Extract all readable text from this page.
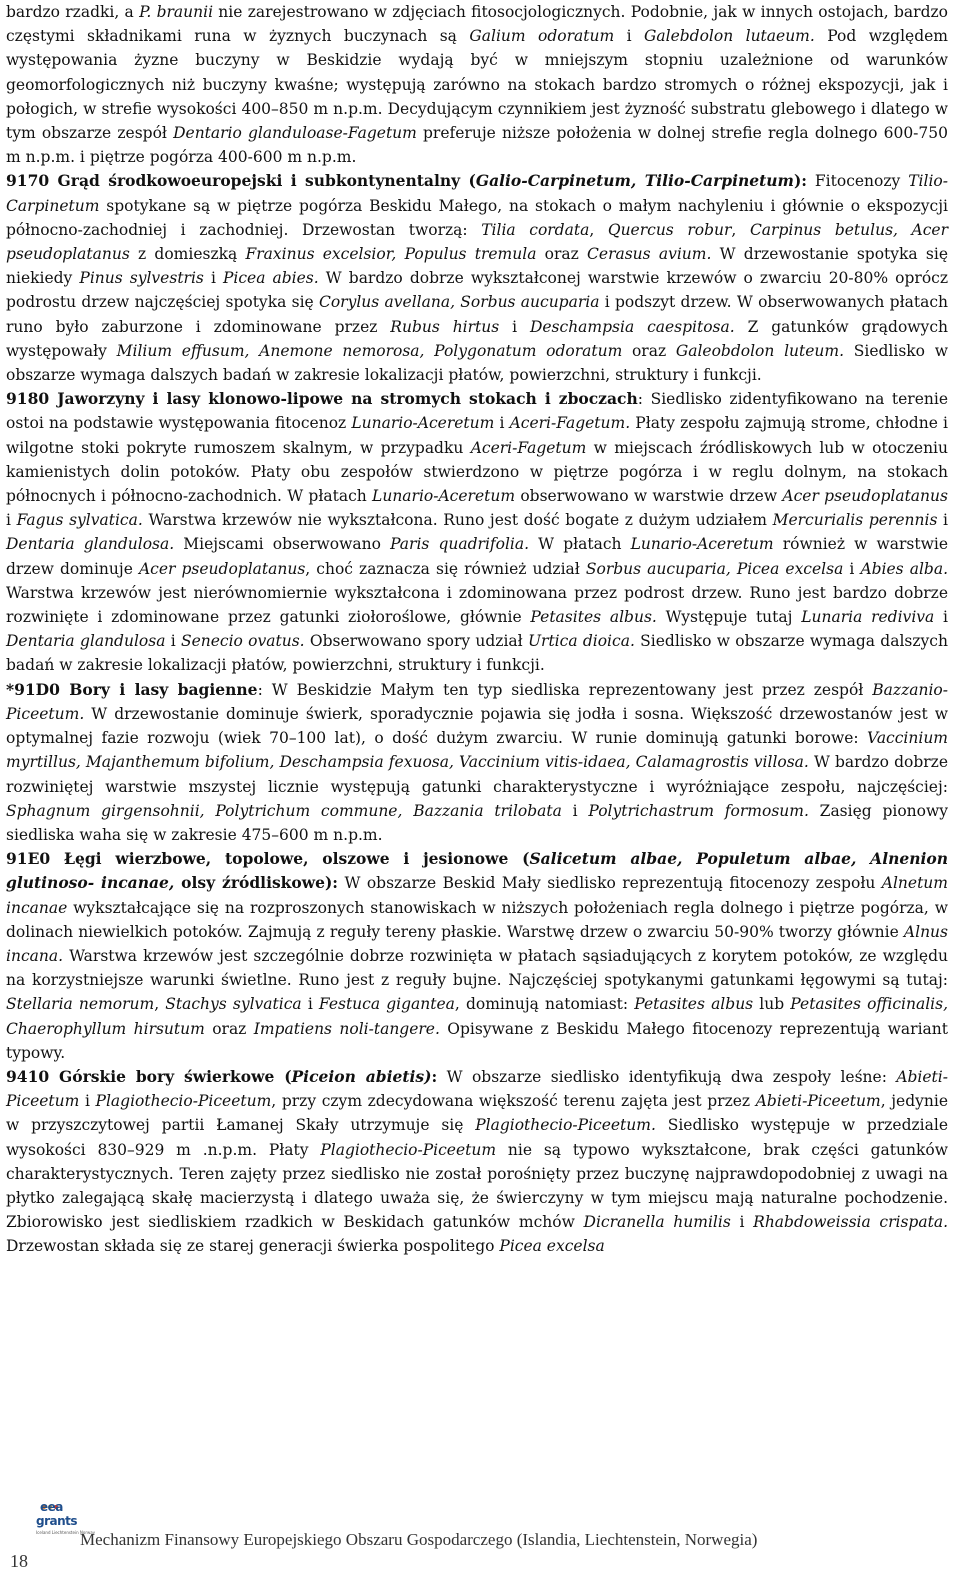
bardzo rzadki, a P. braunii nie zarejestrowano w zdjęciach fitosocjologicznych. Podobnie, jak w innych ostojach, bardzo częstymi składnikami runa w żyznych buczynach są Galium odoratum i Galebdolon lutaeum. Pod względem występowania żyzne buczyny w Beskidzie wydają być w mniejszym stopniu uzależnione od warunków geomorfologicznych niż buczyny kwaśne; występują zarówno na stokach bardzo stromych o różnej ekspozycji, jak i połogich, w strefie wysokości 400–850 m n.p.m. Decydującym czynnikiem jest żyzność substratu glebowego i dlatego w tym obszarze zespół Dentario glanduloase-Fagetum preferuje niższe położenia w dolnej strefie regla dolnego 600-750 m n.p.m. i piętrze pogórza 400-600 m n.p.m.

9170 Grąd środkowoeuropejski i subkontynentalny (Galio-Carpinetum, Tilio-Carpinetum): Fitocenozy Tilio-Carpinetum spotykane są w piętrze pogórza Beskidu Małego, na stokach o małym nachyleniu i głównie o ekspozycji północno-zachodniej i zachodniej. Drzewostan tworzą: Tilia cordata, Quercus robur, Carpinus betulus, Acer pseudoplatanus z domieszką Fraxinus excelsior, Populus tremula oraz Cerasus avium. W drzewostanie spotyka się niekiedy Pinus sylvestris i Picea abies. W bardzo dobrze wykształconej warstwie krzewów o zwarciu 20-80% oprócz podrostu drzew najczęściej spotyka się Corylus avellana, Sorbus aucuparia i podszyt drzew. W obserwowanych płatach runo było zaburzone i zdominowane przez Rubus hirtus i Deschampsia caespitosa. Z gatunków grądowych występowały Milium effusum, Anemone nemorosa, Polygonatum odoratum oraz Galeobdolon luteum. Siedlisko w obszarze wymaga dalszych badań w zakresie lokalizacji płatów, powierzchni, struktury i funkcji.

9180 Jaworzyny i lasy klonowo-lipowe na stromych stokach i zboczach: Siedlisko zidentyfikowano na terenie ostoi na podstawie występowania fitocenoz Lunario-Aceretum i Aceri-Fagetum. Płaty zespołu zajmują strome, chłodne i wilgotne stoki pokryte rumoszem skalnym, w przypadku Aceri-Fagetum w miejscach źródliskowych lub w otoczeniu kamienistych dolin potoków. Płaty obu zespołów stwierdzono w piętrze pogórza i w reglu dolnym, na stokach północnych i północno-zachodnich. W płatach Lunario-Aceretum obserwowano w warstwie drzew Acer pseudoplatanus i Fagus sylvatica. Warstwa krzewów nie wykształcona. Runo jest dość bogate z dużym udziałem Mercurialis perennis i Dentaria glandulosa. Miejscami obserwowano Paris quadrifolia. W płatach Lunario-Aceretum również w warstwie drzew dominuje Acer pseudoplatanus, choć zaznacza się również udział Sorbus aucuparia, Picea excelsa i Abies alba. Warstwa krzewów jest nierównomiernie wykształcona i zdominowana przez podrost drzew. Runo jest bardzo dobrze rozwinięte i zdominowane przez gatunki ziołoroślowe, głównie Petasites albus. Występuje tutaj Lunaria rediviva i Dentaria glandulosa i Senecio ovatus. Obserwowano spory udział Urtica dioica. Siedlisko w obszarze wymaga dalszych badań w zakresie lokalizacji płatów, powierzchni, struktury i funkcji.

*91D0 Bory i lasy bagienne: W Beskidzie Małym ten typ siedliska reprezentowany jest przez zespół Bazzanio-Piceetum. W drzewostanie dominuje świerk, sporadycznie pojawia się jodła i sosna. Większość drzewostanów jest w optymalnej fazie rozwoju (wiek 70–100 lat), o dość dużym zwarciu. W runie dominują gatunki borowe: Vaccinium myrtillus, Majanthemum bifolium, Deschampsia fexuosa, Vaccinium vitis-idaea, Calamagrostis villosa. W bardzo dobrze rozwiniętej warstwie mszystej licznie występują gatunki charakterystyczne i wyróżniające zespołu, najczęściej: Sphagnum girgensohnii, Polytrichum commune, Bazzania trilobata i Polytrichastrum formosum. Zasięg pionowy siedliska waha się w zakresie 475–600 m n.p.m.

91E0 Łęgi wierzbowe, topolowe, olszowe i jesionowe (Salicetum albae, Populetum albae, Alnenion glutinoso- incanae, olsy źródliskowe): W obszarze Beskid Mały siedlisko reprezentują fitocenozy zespołu Alnetum incanae wykształcające się na rozproszonych stanowiskach w niższych położeniach regla dolnego i piętrze pogórza, w dolinach niewielkich potoków. Zajmują z reguły tereny płaskie. Warstwę drzew o zwarciu 50-90% tworzy głównie Alnus incana. Warstwa krzewów jest szczególnie dobrze rozwinięta w płatach sąsiadujących z korytem potoków, ze względu na korzystniejsze warunki świetlne. Runo jest z reguły bujne. Najczęściej spotykanymi gatunkami łęgowymi są tutaj: Stellaria nemorum, Stachys sylvatica i Festuca gigantea, dominują natomiast: Petasites albus lub Petasites officinalis, Chaerophyllum hirsutum oraz Impatiens noli-tangere. Opisywane z Beskidu Małego fitocenozy reprezentują wariant typowy.

9410 Górskie bory świerkowe (Piceion abietis): W obszarze siedlisko identyfikują dwa zespoły leśne: Abieti-Piceetum i Plagiothecio-Piceetum, przy czym zdecydowana większość terenu zajęta jest przez Abieti-Piceetum, jedynie w przyszczytowej partii Łamanej Skały utrzymuje się Plagiothecio-Piceetum. Siedlisko występuje w przedziale wysokości 830–929 m .n.p.m. Płaty Plagiothecio-Piceetum nie są typowo wykształcone, brak części gatunków charakterystycznych. Teren zajęty przez siedlisko nie został porośnięty przez buczynę najprawdopodobniej z uwagi na płytko zalegającą skałę macierzystą i dlatego uważa się, że świerczyny w tym miejscu mają naturalne pochodzenie. Zbiorowisko jest siedliskiem rzadkich w Beskidach gatunków mchów Dicranella humilis i Rhabdoweissia crispata. Drzewostan składa się ze starej generacji świerka pospolitego Picea excelsa

eea
grants
Iceland Liechtenstein Norway
Mechanizm Finansowy Europejskiego Obszaru Gospodarczego (Islandia, Liechtenstein, Norwegia)
18
